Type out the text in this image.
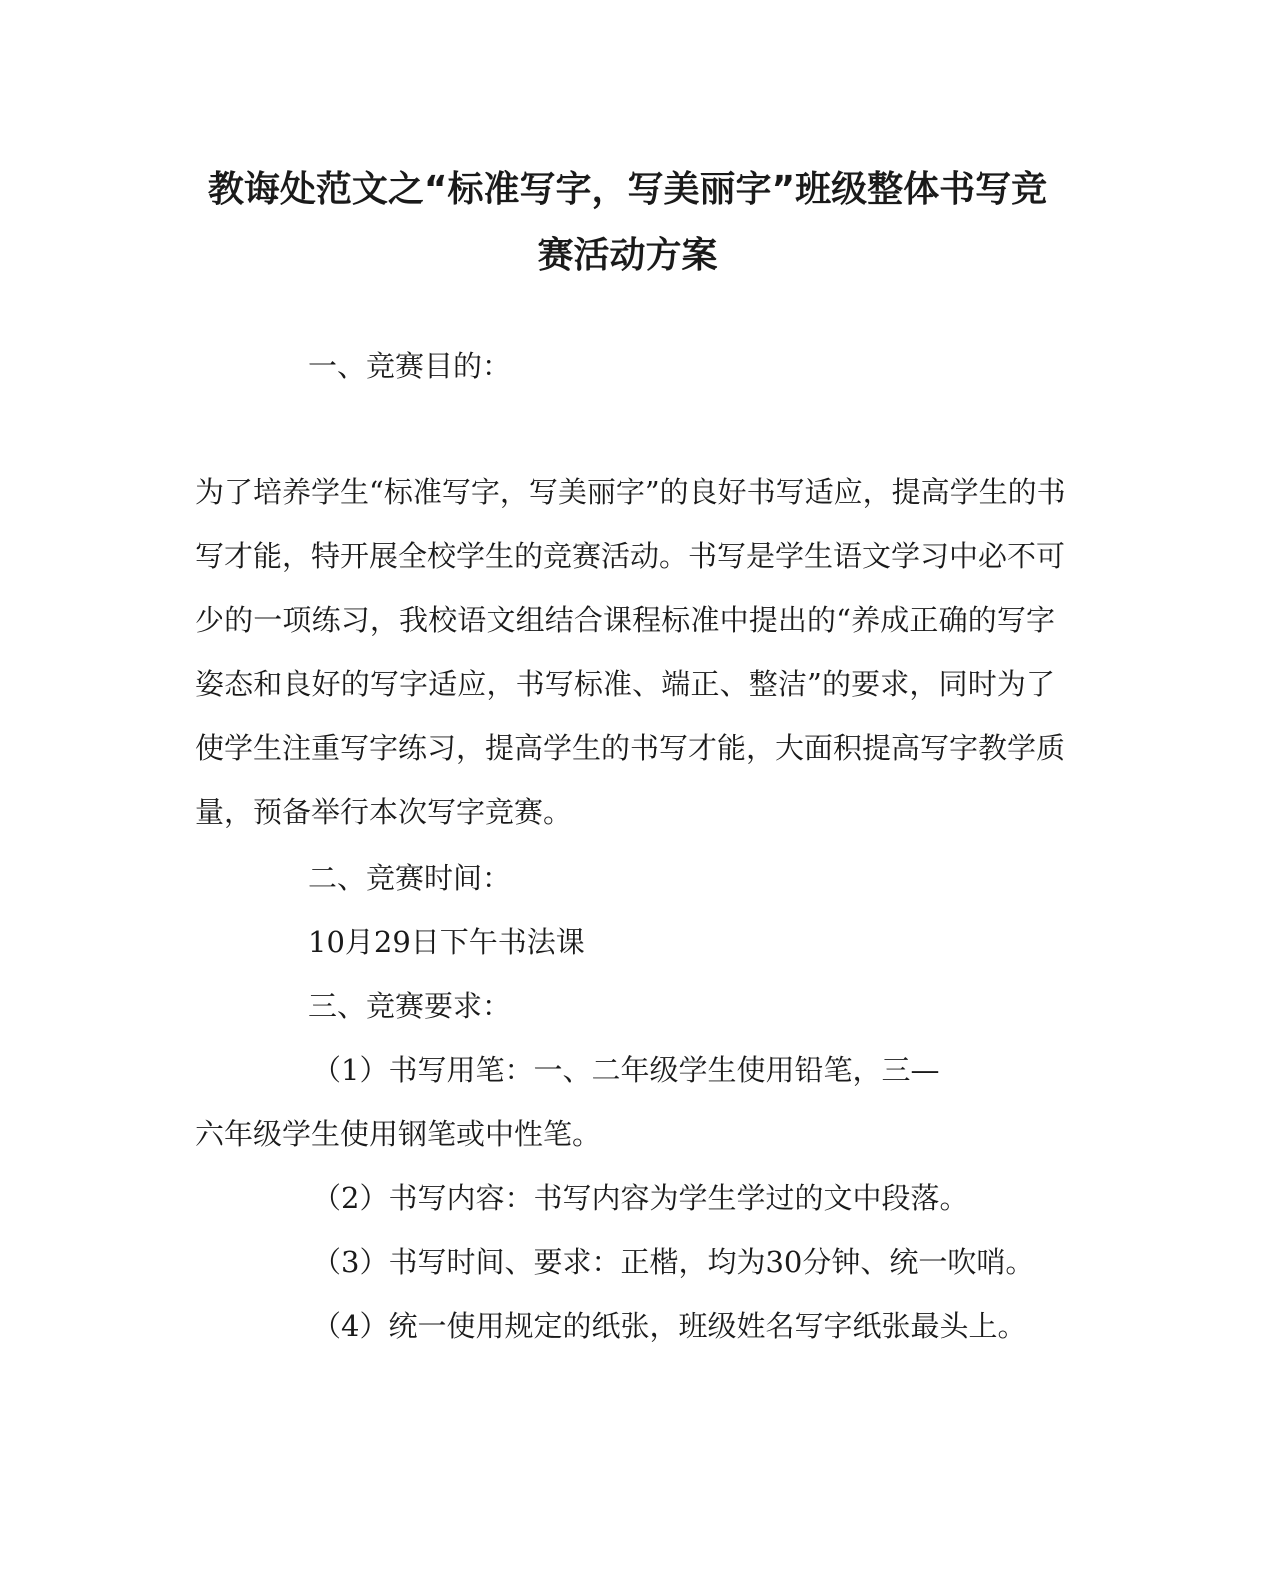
教诲处范文之“标准写字，写美丽字”班级整体书写竞
赛活动方案
一、竞赛目的：
为了培养学生“标准写字，写美丽字”的良好书写适应，提高学生的书
写才能，特开展全校学生的竞赛活动。书写是学生语文学习中必不可
少的一项练习，我校语文组结合课程标准中提出的“养成正确的写字
姿态和良好的写字适应，书写标准、端正、整洁”的要求，同时为了
使学生注重写字练习，提高学生的书写才能，大面积提高写字教学质
量，预备举行本次写字竞赛。
二、竞赛时间：
10月29日下午书法课
三、竞赛要求：
（1）书写用笔：一、二年级学生使用铅笔，三—
六年级学生使用钢笔或中性笔。
（2）书写内容：书写内容为学生学过的文中段落。
（3）书写时间、要求：正楷，均为30分钟、统一吹哨。
（4）统一使用规定的纸张，班级姓名写字纸张最头上。
